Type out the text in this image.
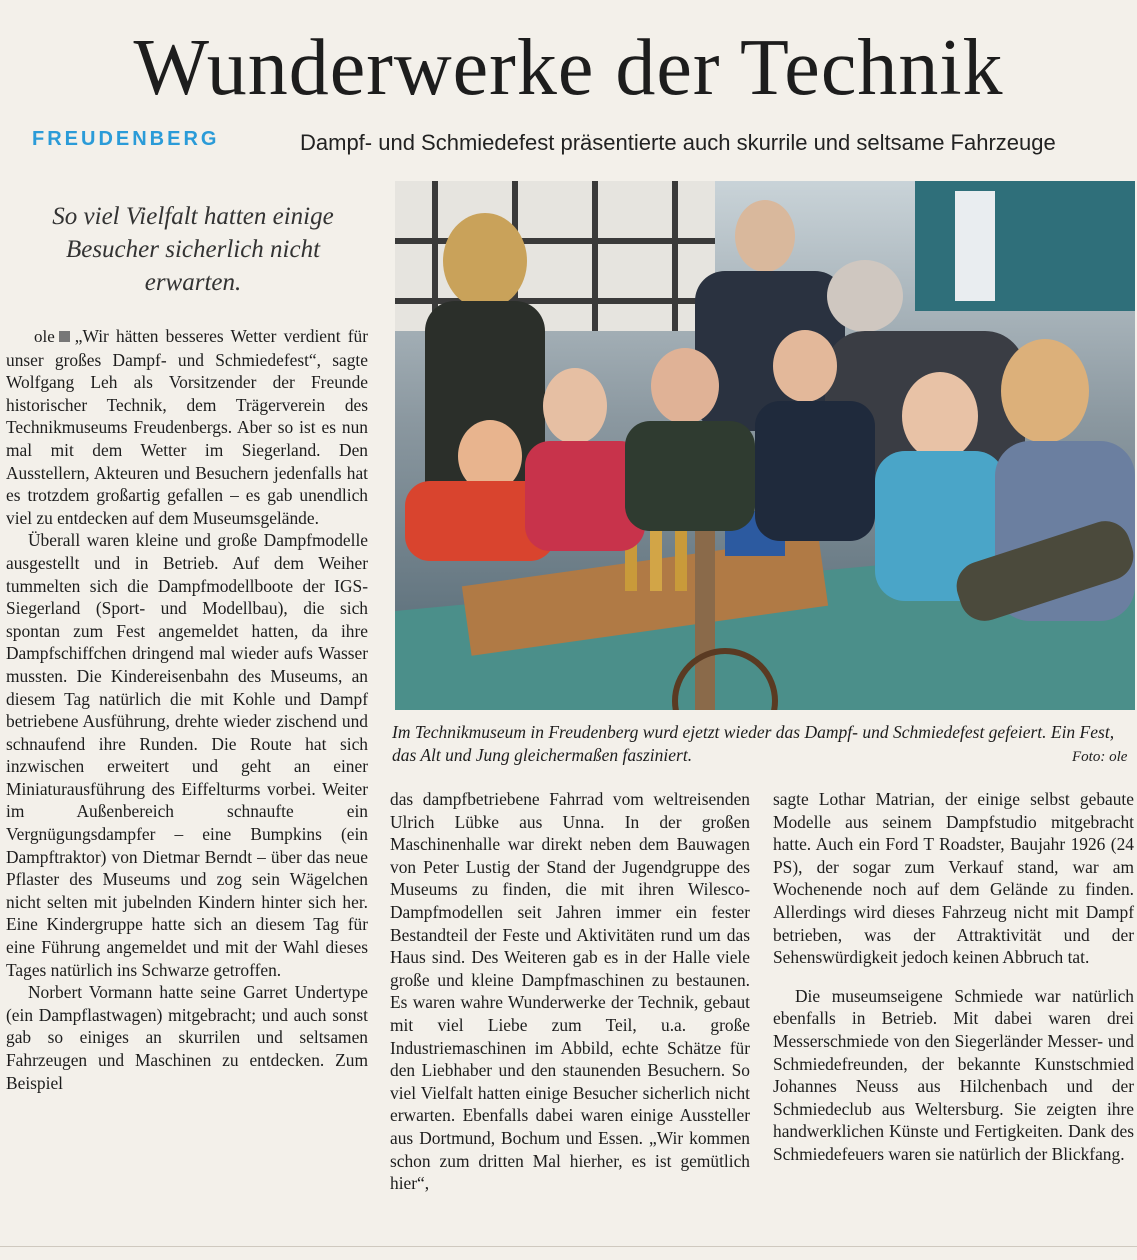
Wunderwerke der Technik
FREUDENBERG	Dampf- und Schmiedefest präsentierte auch skurrile und seltsame Fahrzeuge
So viel Vielfalt hatten einige Besucher sicherlich nicht erwarten.

ole „Wir hätten besseres Wetter verdient für unser großes Dampf- und Schmiedefest“, sagte Wolfgang Leh als Vorsitzender der Freunde historischer Technik, dem Trägerverein des Technikmuseums Freudenbergs. Aber so ist es nun mal mit dem Wetter im Siegerland. Den Ausstellern, Akteuren und Besuchern jedenfalls hat es trotzdem großartig gefallen – es gab unendlich viel zu entdecken auf dem Museumsgelände.

Überall waren kleine und große Dampfmodelle ausgestellt und in Betrieb. Auf dem Weiher tummelten sich die Dampfmodellboote der IGS-Siegerland (Sport- und Modellbau), die sich spontan zum Fest angemeldet hatten, da ihre Dampfschiffchen dringend mal wieder aufs Wasser mussten. Die Kindereisenbahn des Museums, an diesem Tag natürlich die mit Kohle und Dampf betriebene Ausführung, drehte wieder zischend und schnaufend ihre Runden. Die Route hat sich inzwischen erweitert und geht an einer Miniaturausführung des Eiffelturms vorbei. Weiter im Außenbereich schnaufte ein Vergnügungsdampfer – eine Bumpkins (ein Dampftraktor) von Dietmar Berndt – über das neue Pflaster des Museums und zog sein Wägelchen nicht selten mit jubelnden Kindern hinter sich her. Eine Kindergruppe hatte sich an diesem Tag für eine Führung angemeldet und mit der Wahl dieses Tages natürlich ins Schwarze getroffen.

Norbert Vormann hatte seine Garret Undertype (ein Dampflastwagen) mitgebracht; und auch sonst gab so einiges an skurrilen und seltsamen Fahrzeugen und Maschinen zu entdecken. Zum Beispiel

Im Technikmuseum in Freudenberg wurd ejetzt wieder das Dampf- und Schmiedefest gefeiert. Ein Fest, das Alt und Jung gleichermaßen fasziniert.	Foto: ole

das dampfbetriebene Fahrrad vom weltreisenden Ulrich Lübke aus Unna. In der großen Maschinenhalle war direkt neben dem Bauwagen von Peter Lustig der Stand der Jugendgruppe des Museums zu finden, die mit ihren Wilesco-Dampfmodellen seit Jahren immer ein fester Bestandteil der Feste und Aktivitäten rund um das Haus sind. Des Weiteren gab es in der Halle viele große und kleine Dampfmaschinen zu bestaunen. Es waren wahre Wunderwerke der Technik, gebaut mit viel Liebe zum Teil, u.a. große Industriemaschinen im Abbild, echte Schätze für den Liebhaber und den staunenden Besuchern. So viel Vielfalt hatten einige Besucher sicherlich nicht erwarten. Ebenfalls dabei waren einige Aussteller aus Dortmund, Bochum und Essen. „Wir kommen schon zum dritten Mal hierher, es ist gemütlich hier“,

sagte Lothar Matrian, der einige selbst gebaute Modelle aus seinem Dampfstudio mitgebracht hatte. Auch ein Ford T Roadster, Baujahr 1926 (24 PS), der sogar zum Verkauf stand, war am Wochenende noch auf dem Gelände zu finden. Allerdings wird dieses Fahrzeug nicht mit Dampf betrieben, was der Attraktivität und der Sehenswürdigkeit jedoch keinen Abbruch tat.

Die museumseigene Schmiede war natürlich ebenfalls in Betrieb. Mit dabei waren drei Messerschmiede von den Siegerländer Messer- und Schmiedefreunden, der bekannte Kunstschmied Johannes Neuss aus Hilchenbach und der Schmiedeclub aus Weltersburg. Sie zeigten ihre handwerklichen Künste und Fertigkeiten. Dank des Schmiedefeuers waren sie natürlich der Blickfang.
